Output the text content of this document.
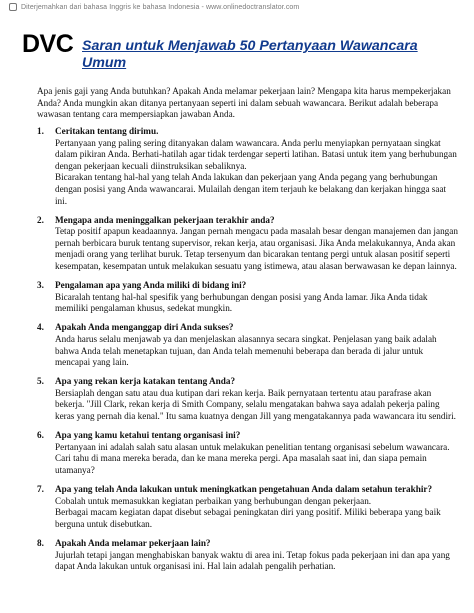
Diterjemahkan dari bahasa Inggris ke bahasa Indonesia - www.onlinedoctranslator.com
DVC Saran untuk Menjawab 50 Pertanyaan Wawancara Umum
Apa jenis gaji yang Anda butuhkan? Apakah Anda melamar pekerjaan lain? Mengapa kita harus mempekerjakan Anda? Anda mungkin akan ditanya pertanyaan seperti ini dalam sebuah wawancara. Berikut adalah beberapa wawasan tentang cara mempersiapkan jawaban Anda.
1. Ceritakan tentang dirimu.
Pertanyaan yang paling sering ditanyakan dalam wawancara. Anda perlu menyiapkan pernyataan singkat dalam pikiran Anda. Berhati-hatilah agar tidak terdengar seperti latihan. Batasi untuk item yang berhubungan dengan pekerjaan kecuali diinstruksikan sebaliknya.
Bicarakan tentang hal-hal yang telah Anda lakukan dan pekerjaan yang Anda pegang yang berhubungan dengan posisi yang Anda wawancarai. Mulailah dengan item terjauh ke belakang dan kerjakan hingga saat ini.
2. Mengapa anda meninggalkan pekerjaan terakhir anda?
Tetap positif apapun keadaannya. Jangan pernah mengacu pada masalah besar dengan manajemen dan jangan pernah berbicara buruk tentang supervisor, rekan kerja, atau organisasi. Jika Anda melakukannya, Anda akan menjadi orang yang terlihat buruk. Tetap tersenyum dan bicarakan tentang pergi untuk alasan positif seperti kesempatan, kesempatan untuk melakukan sesuatu yang istimewa, atau alasan berwawasan ke depan lainnya.
3. Pengalaman apa yang Anda miliki di bidang ini?
Bicaralah tentang hal-hal spesifik yang berhubungan dengan posisi yang Anda lamar. Jika Anda tidak memiliki pengalaman khusus, sedekat mungkin.
4. Apakah Anda menganggap diri Anda sukses?
Anda harus selalu menjawab ya dan menjelaskan alasannya secara singkat. Penjelasan yang baik adalah bahwa Anda telah menetapkan tujuan, dan Anda telah memenuhi beberapa dan berada di jalur untuk mencapai yang lain.
5. Apa yang rekan kerja katakan tentang Anda?
Bersiaplah dengan satu atau dua kutipan dari rekan kerja. Baik pernyataan tertentu atau parafrase akan bekerja. "Jill Clark, rekan kerja di Smith Company, selalu mengatakan bahwa saya adalah pekerja paling keras yang pernah dia kenal." Itu sama kuatnya dengan Jill yang mengatakannya pada wawancara itu sendiri.
6. Apa yang kamu ketahui tentang organisasi ini?
Pertanyaan ini adalah salah satu alasan untuk melakukan penelitian tentang organisasi sebelum wawancara. Cari tahu di mana mereka berada, dan ke mana mereka pergi. Apa masalah saat ini, dan siapa pemain utamanya?
7. Apa yang telah Anda lakukan untuk meningkatkan pengetahuan Anda dalam setahun terakhir?
Cobalah untuk memasukkan kegiatan perbaikan yang berhubungan dengan pekerjaan.
Berbagai macam kegiatan dapat disebut sebagai peningkatan diri yang positif. Miliki beberapa yang baik berguna untuk disebutkan.
8. Apakah Anda melamar pekerjaan lain?
Jujurlah tetapi jangan menghabiskan banyak waktu di area ini. Tetap fokus pada pekerjaan ini dan apa yang dapat Anda lakukan untuk organisasi ini. Hal lain adalah pengalih perhatian.
